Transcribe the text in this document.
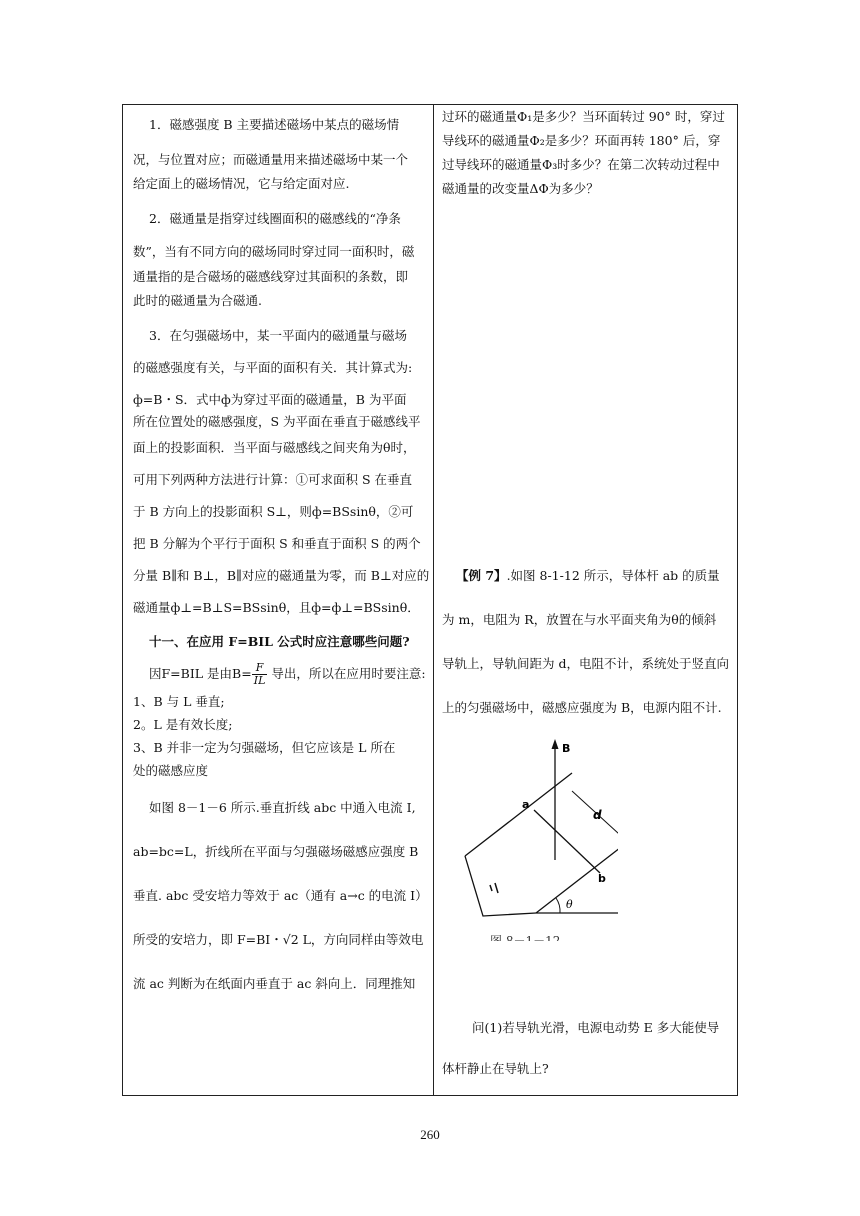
1．磁感强度 B 主要描述磁场中某点的磁场情
况，与位置对应；而磁通量用来描述磁场中某一个
给定面上的磁场情况，它与给定面对应.
2．磁通量是指穿过线圈面积的磁感线的“净条
数”，当有不同方向的磁场同时穿过同一面积时，磁
通量指的是合磁场的磁感线穿过其面积的条数，即
此时的磁通量为合磁通.
3．在匀强磁场中，某一平面内的磁通量与磁场
的磁感强度有关，与平面的面积有关．其计算式为:
ф=B・S．式中ф为穿过平面的磁通量，B 为平面
所在位置处的磁感强度，S 为平面在垂直于磁感线平
面上的投影面积．当平面与磁感线之间夹角为θ时，
可用下列两种方法进行计算：①可求面积 S 在垂直
于 B 方向上的投影面积 S⊥，则ф=BSsinθ，②可
把 B 分解为个平行于面积 S 和垂直于面积 S 的两个
分量 B∥和 B⊥，B∥对应的磁通量为零，而 B⊥对应的
磁通量ф⊥=B⊥S=BSsinθ，且ф=ф⊥=BSsinθ．
十一、在应用 F=BIL 公式时应注意哪些问题?
因F=BIL 是由$B= \frac{F}{IL}$ 导出，所以在应用时要注意:
1、B 与 L 垂直;
2。L 是有效长度;
3、B 并非一定为匀强磁场，但它应该是 L 所在
处的磁感应度
如图 8－1－6 所示.垂直折线 abc 中通入电流 I,
ab=bc=L，折线所在平面与匀强磁场磁感应强度 B
垂直. abc 受安培力等效于 ac（通有 a→c 的电流 I）
所受的安培力，即 F=BI・√2 L，方向同样由等效电
流 ac 判断为在纸面内垂直于 ac 斜向上．同理推知
过环的磁通量Φ₁是多少？当环面转过 90° 时，穿过
导线环的磁通量Φ₂是多少？环面再转 180° 后，穿
过导线环的磁通量Φ₃时多少？在第二次转动过程中
磁通量的改变量ΔΦ为多少？
【例 7】.如图 8-1-12 所示，导体杆 ab 的质量
为 m，电阻为 R，放置在与水平面夹角为θ的倾斜
导轨上，导轨间距为 d，电阻不计，系统处于竖直向
上的匀强磁场中，磁感应强度为 B，电源内阻不计.
问(1)若导轨光滑，电源电动势 E 多大能使导
体杆静止在导轨上?
B
θ
d
a
b
图 8－1－12
260
